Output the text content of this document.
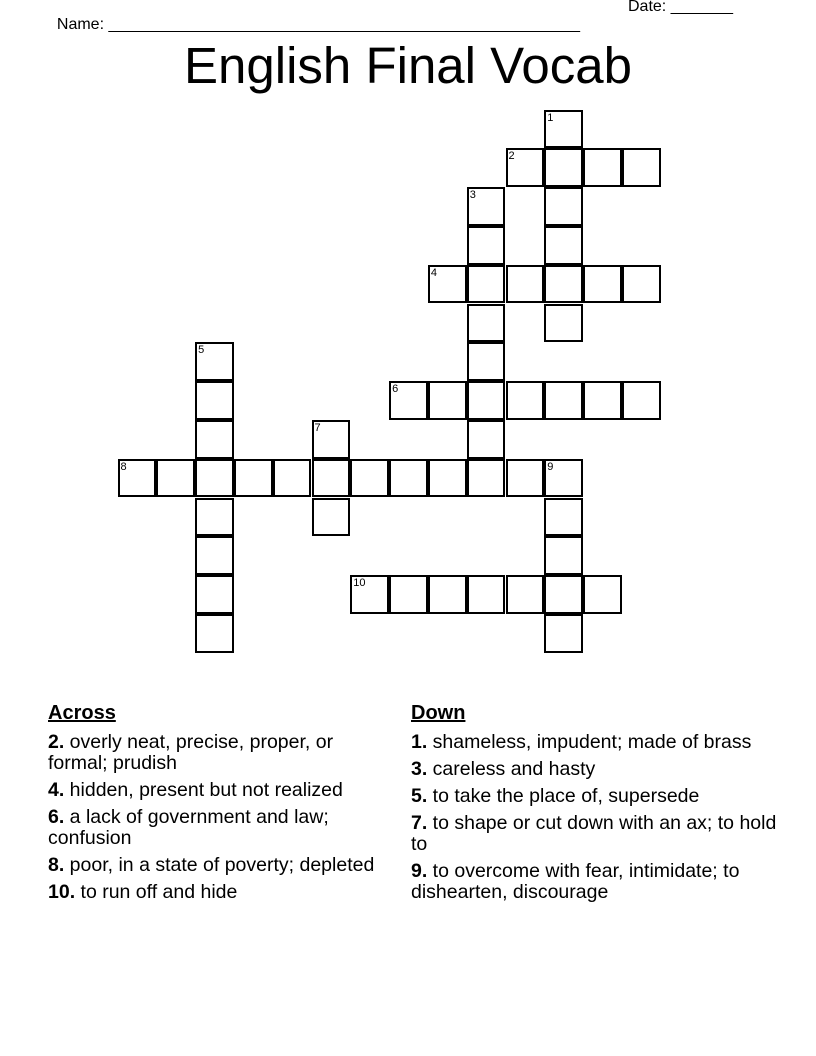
Name: _____________________________________________________

Date: _______

English Final Vocab
1
2
3
4
5
6
7
8	9
10
Across
2. overly neat, precise, proper, or formal; prudish
4. hidden, present but not realized
6. a lack of government and law; confusion
8. poor, in a state of poverty; depleted
10. to run off and hide
Down
1. shameless, impudent; made of brass
3. careless and hasty
5. to take the place of, supersede
7. to shape or cut down with an ax; to hold to
9. to overcome with fear, intimidate; to dishearten, discourage
